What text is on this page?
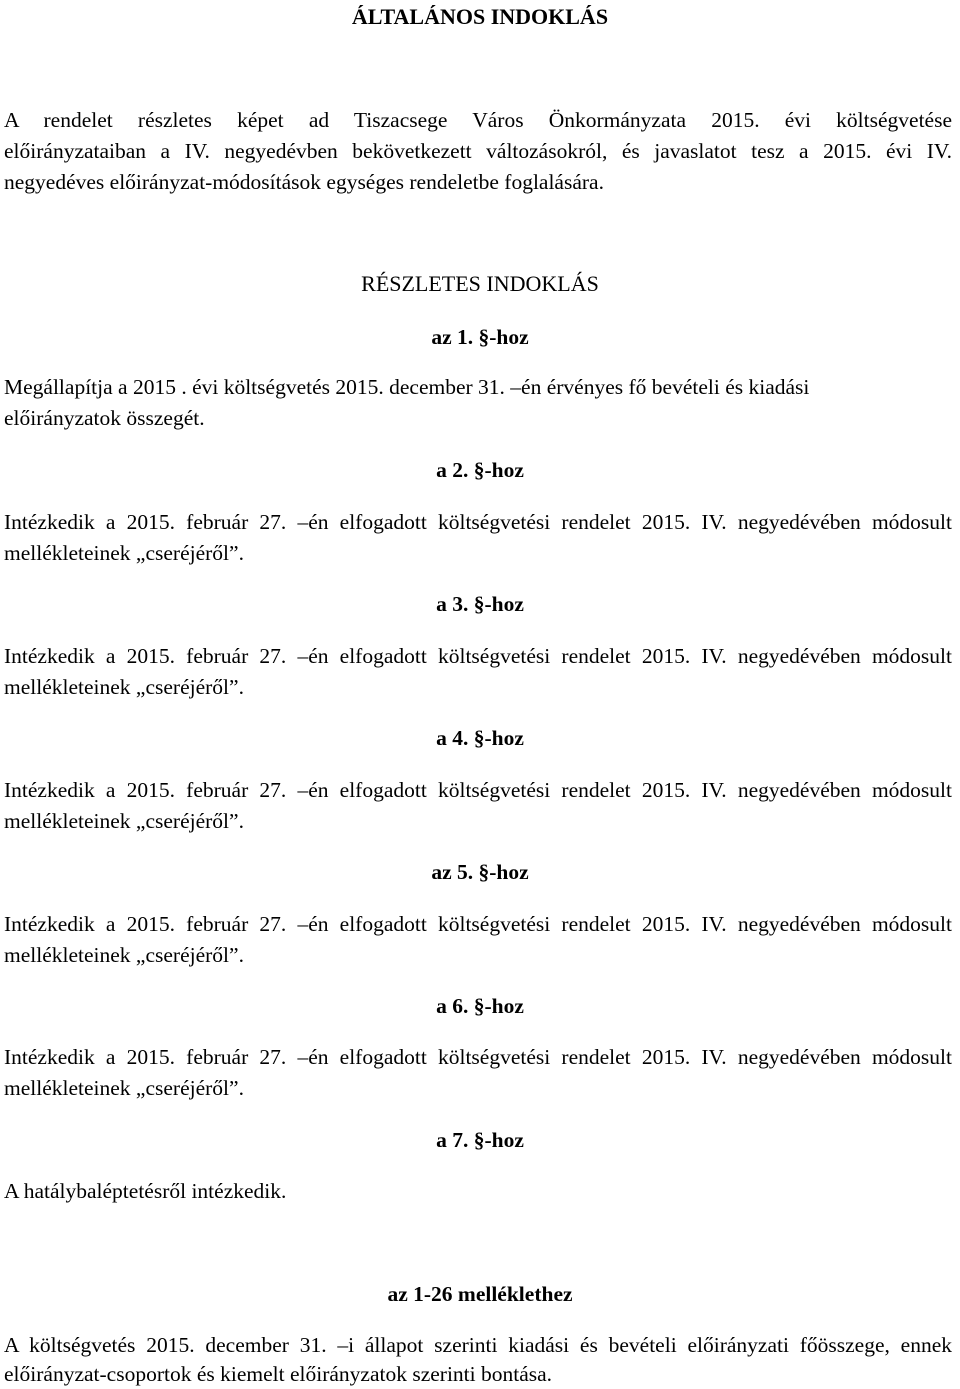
ÁLTALÁNOS INDOKLÁS
A rendelet részletes képet ad Tiszacsege Város Önkormányzata 2015. évi költségvetése
előirányzataiban a IV. negyedévben bekövetkezett változásokról, és javaslatot tesz a 2015. évi IV.
negyedéves előirányzat-módosítások egységes rendeletbe foglalására.
RÉSZLETES INDOKLÁS
az 1. §-hoz
Megállapítja a 2015 . évi költségvetés 2015. december 31. –én érvényes fő bevételi és kiadási
előirányzatok összegét.
a 2. §-hoz
Intézkedik a 2015. február 27. –én elfogadott költségvetési rendelet 2015. IV. negyedévében módosult
mellékleteinek „cseréjéről”.
a 3. §-hoz
Intézkedik a 2015. február 27. –én elfogadott költségvetési rendelet 2015. IV. negyedévében módosult
mellékleteinek „cseréjéről”.
a 4. §-hoz
Intézkedik a 2015. február 27. –én elfogadott költségvetési rendelet 2015. IV. negyedévében módosult
mellékleteinek „cseréjéről”.
az 5. §-hoz
Intézkedik a 2015. február 27. –én elfogadott költségvetési rendelet 2015. IV. negyedévében módosult
mellékleteinek „cseréjéről”.
a 6. §-hoz
Intézkedik a 2015. február 27. –én elfogadott költségvetési rendelet 2015. IV. negyedévében módosult
mellékleteinek „cseréjéről”.
a 7. §-hoz
A hatálybaléptetésről intézkedik.
az 1-26 melléklethez
A költségvetés 2015. december 31. –i állapot szerinti kiadási és bevételi előirányzati főösszege, ennek
előirányzat-csoportok és kiemelt előirányzatok szerinti bontása.
